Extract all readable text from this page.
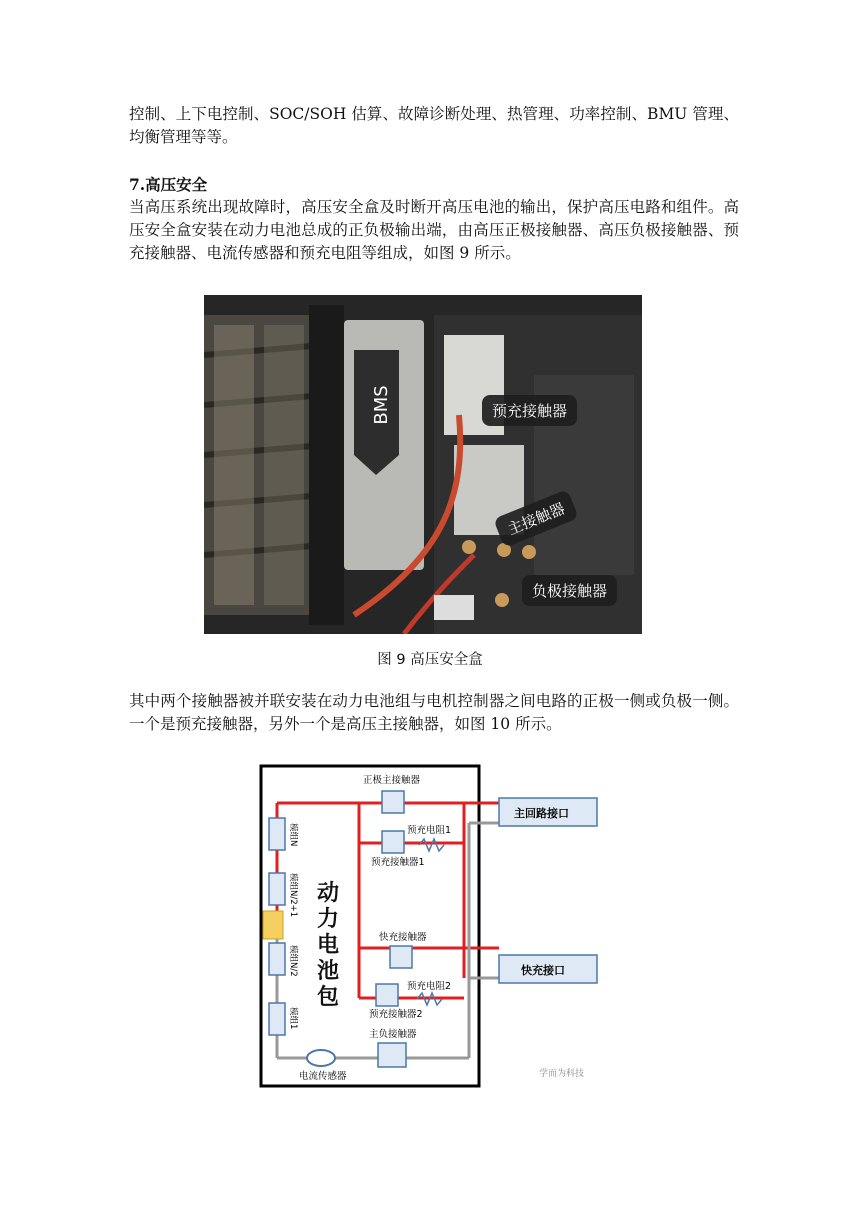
控制、上下电控制、SOC/SOH 估算、故障诊断处理、热管理、功率控制、BMU 管理、均衡管理等等。
7.高压安全
当高压系统出现故障时，高压安全盒及时断开高压电池的输出，保护高压电路和组件。高压安全盒安装在动力电池总成的正负极输出端，由高压正极接触器、高压负极接触器、预充接触器、电流传感器和预充电阻等组成，如图 9 所示。
BMS	预充接触器
主接触器
负极接触器
图 9 高压安全盒
其中两个接触器被并联安装在动力电池组与电机控制器之间电路的正极一侧或负极一侧。一个是预充接触器，另外一个是高压主接触器，如图 10 所示。
正极主接触器
预充电阻1
预充接触器1
快充接触器
预充电阻2
预充接触器2
主负接触器
电流传感器
模组N
模组N/2+1
模组N/2
模组1
主回路接口
快充接口
学而为科技
动力电池包
